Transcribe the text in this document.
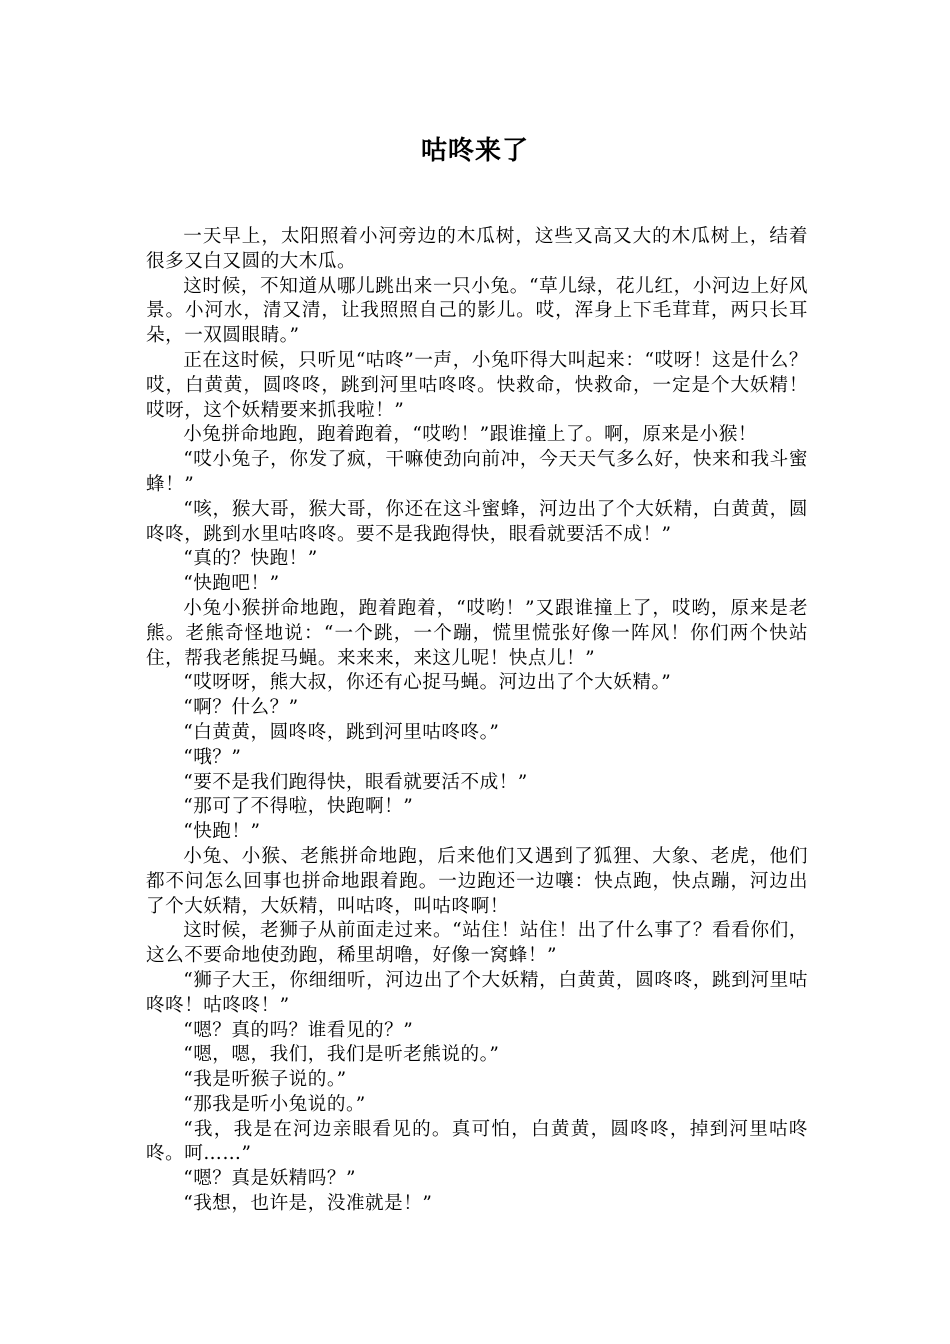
咕咚来了

一天早上，太阳照着小河旁边的木瓜树，这些又高又大的木瓜树上，结着很多又白又圆的大木瓜。

这时候，不知道从哪儿跳出来一只小兔。“草儿绿，花儿红，小河边上好风景。小河水，清又清，让我照照自己的影儿。哎，浑身上下毛茸茸，两只长耳朵，一双圆眼睛。”

正在这时候，只听见“咕咚”一声，小兔吓得大叫起来：“哎呀！这是什么？哎，白黄黄，圆咚咚，跳到河里咕咚咚。快救命，快救命，一定是个大妖精！哎呀，这个妖精要来抓我啦！”

小兔拼命地跑，跑着跑着，“哎哟！”跟谁撞上了。啊，原来是小猴！

“哎小兔子，你发了疯，干嘛使劲向前冲，今天天气多么好，快来和我斗蜜蜂！”

“咳，猴大哥，猴大哥，你还在这斗蜜蜂，河边出了个大妖精，白黄黄，圆咚咚，跳到水里咕咚咚。要不是我跑得快，眼看就要活不成！”

“真的？快跑！”

“快跑吧！”

小兔小猴拼命地跑，跑着跑着，“哎哟！”又跟谁撞上了，哎哟，原来是老熊。老熊奇怪地说：“一个跳，一个蹦，慌里慌张好像一阵风！你们两个快站住，帮我老熊捉马蝇。来来来，来这儿呢！快点儿！”

“哎呀呀，熊大叔，你还有心捉马蝇。河边出了个大妖精。”

“啊？什么？”

“白黄黄，圆咚咚，跳到河里咕咚咚。”

“哦？”

“要不是我们跑得快，眼看就要活不成！”

“那可了不得啦，快跑啊！”

“快跑！”

小兔、小猴、老熊拼命地跑，后来他们又遇到了狐狸、大象、老虎，他们都不问怎么回事也拼命地跟着跑。一边跑还一边嚷：快点跑，快点蹦，河边出了个大妖精，大妖精，叫咕咚，叫咕咚啊！

这时候，老狮子从前面走过来。“站住！站住！出了什么事了？看看你们，这么不要命地使劲跑，稀里胡噜，好像一窝蜂！”

“狮子大王，你细细听，河边出了个大妖精，白黄黄，圆咚咚，跳到河里咕咚咚！咕咚咚！”

“嗯？真的吗？谁看见的？”

“嗯，嗯，我们，我们是听老熊说的。”

“我是听猴子说的。”

“那我是听小兔说的。”

“我，我是在河边亲眼看见的。真可怕，白黄黄，圆咚咚，掉到河里咕咚咚。呵……”

“嗯？真是妖精吗？”

“我想，也许是，没准就是！”
